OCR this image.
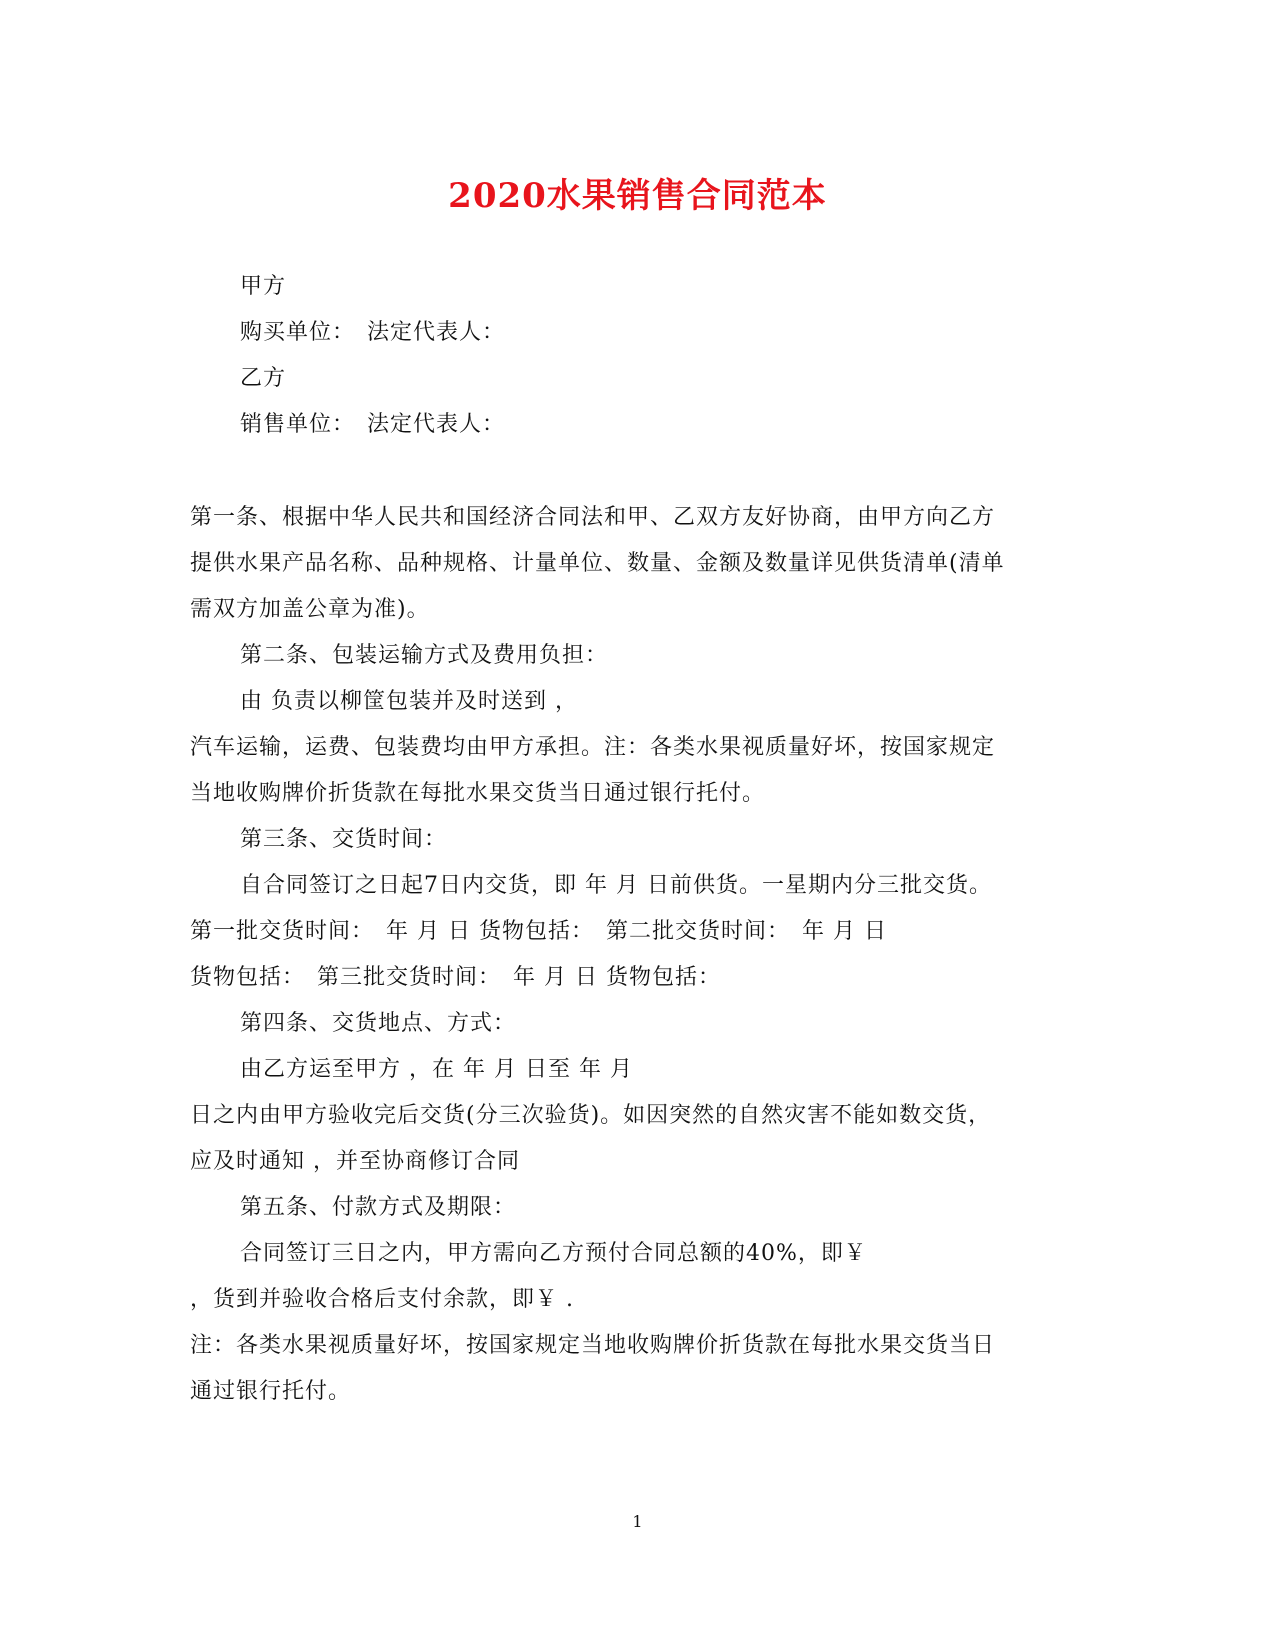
2020水果销售合同范本
甲方
购买单位：　法定代表人：
乙方
销售单位：　法定代表人：
第一条、根据中华人民共和国经济合同法和甲、乙双方友好协商，由甲方向乙方
提供水果产品名称、品种规格、计量单位、数量、金额及数量详见供货清单(清单
需双方加盖公章为准)。
第二条、包装运输方式及费用负担：
由 负责以柳筐包装并及时送到 ，
汽车运输，运费、包装费均由甲方承担。注：各类水果视质量好坏，按国家规定
当地收购牌价折货款在每批水果交货当日通过银行托付。
第三条、交货时间：
自合同签订之日起7日内交货，即 年 月 日前供货。一星期内分三批交货。
第一批交货时间：　年 月 日 货物包括：　第二批交货时间：　年 月 日
货物包括：　第三批交货时间：　年 月 日 货物包括：
第四条、交货地点、方式：
由乙方运至甲方 ，在 年 月 日至 年 月
日之内由甲方验收完后交货(分三次验货)。如因突然的自然灾害不能如数交货，
应及时通知 ，并至协商修订合同
第五条、付款方式及期限：
合同签订三日之内，甲方需向乙方预付合同总额的40%，即￥
，货到并验收合格后支付余款，即￥ .
注：各类水果视质量好坏，按国家规定当地收购牌价折货款在每批水果交货当日
通过银行托付。
1
